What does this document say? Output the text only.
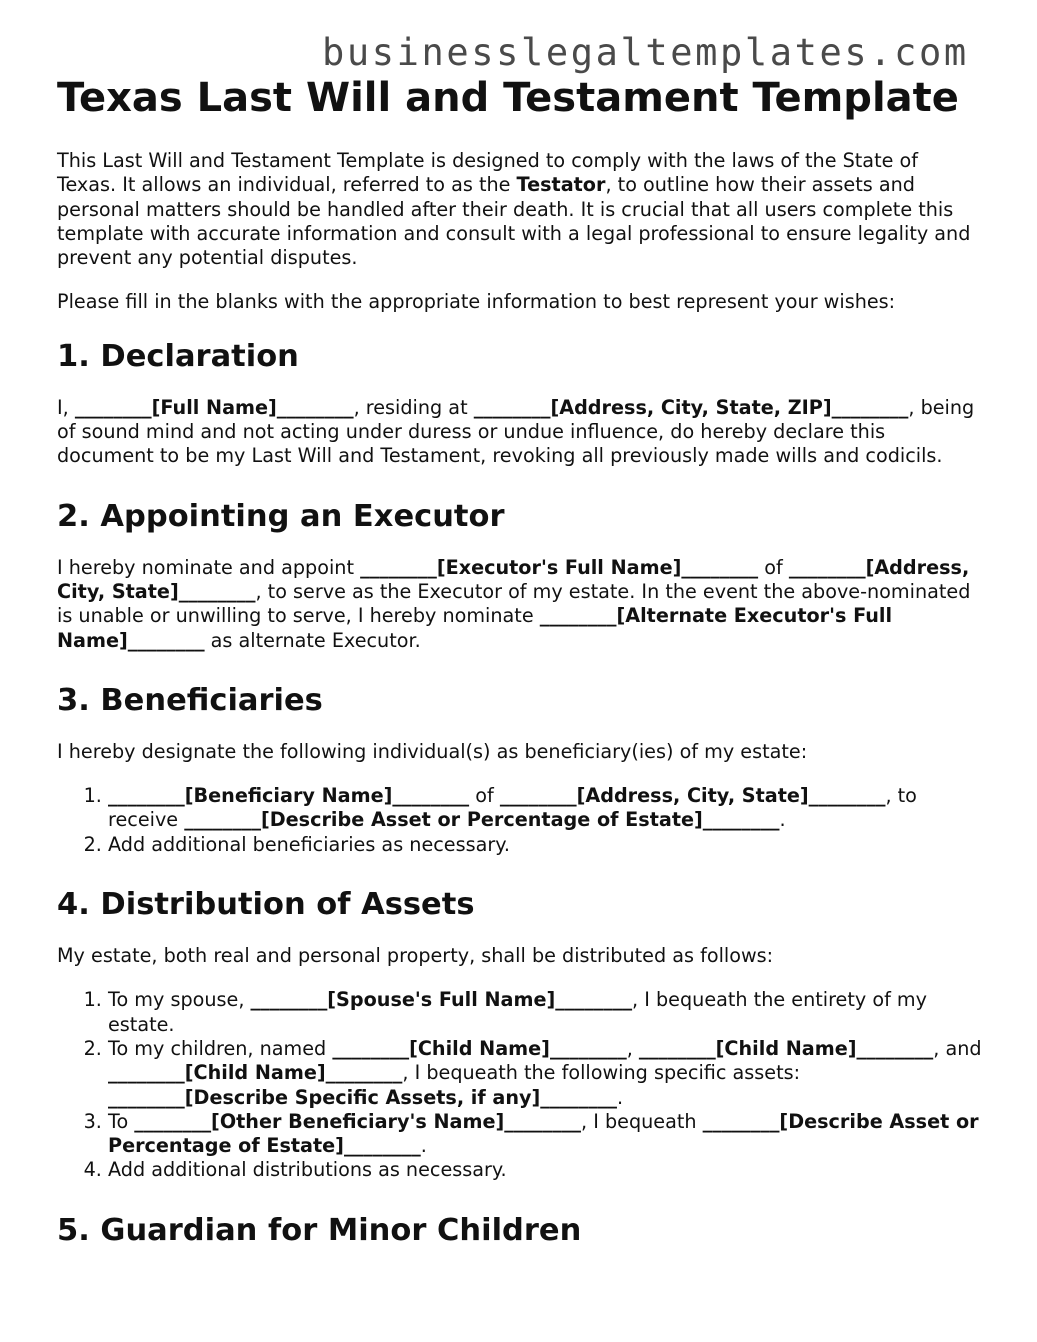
businesslegaltemplates.com
Texas Last Will and Testament Template

This Last Will and Testament Template is designed to comply with the laws of the State of Texas. It allows an individual, referred to as the Testator, to outline how their assets and personal matters should be handled after their death. It is crucial that all users complete this template with accurate information and consult with a legal professional to ensure legality and prevent any potential disputes.

Please fill in the blanks with the appropriate information to best represent your wishes:

1. Declaration

I, ________[Full Name]________, residing at ________[Address, City, State, ZIP]________, being of sound mind and not acting under duress or undue influence, do hereby declare this document to be my Last Will and Testament, revoking all previously made wills and codicils.

2. Appointing an Executor

I hereby nominate and appoint ________[Executor's Full Name]________ of ________[Address, City, State]________, to serve as the Executor of my estate. In the event the above-nominated is unable or unwilling to serve, I hereby nominate ________[Alternate Executor's Full Name]________ as alternate Executor.

3. Beneficiaries

I hereby designate the following individual(s) as beneficiary(ies) of my estate:

1. ________[Beneficiary Name]________ of ________[Address, City, State]________, to receive ________[Describe Asset or Percentage of Estate]________.
2. Add additional beneficiaries as necessary.
4. Distribution of Assets

My estate, both real and personal property, shall be distributed as follows:

1. To my spouse, ________[Spouse's Full Name]________, I bequeath the entirety of my estate.
2. To my children, named ________[Child Name]________, ________[Child Name]________, and ________[Child Name]________, I bequeath the following specific assets: ________[Describe Specific Assets, if any]________.
3. To ________[Other Beneficiary's Name]________, I bequeath ________[Describe Asset or Percentage of Estate]________.
4. Add additional distributions as necessary.
5. Guardian for Minor Children
